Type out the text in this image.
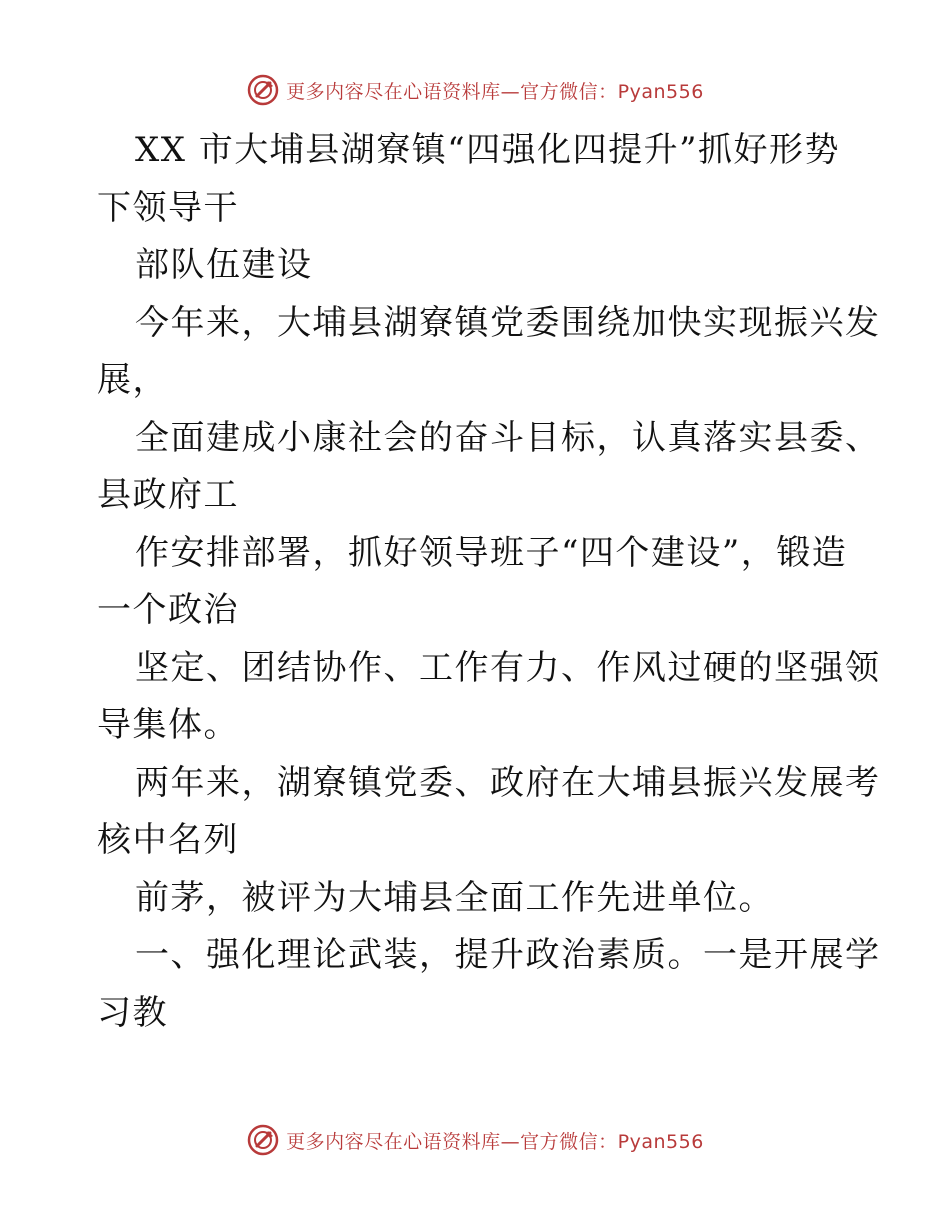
更多内容尽在心语资料库—官方微信：Pyan556
XX 市大埔县湖寮镇“四强化四提升”抓好形势
下领导干
部队伍建设
今年来，大埔县湖寮镇党委围绕加快实现振兴发
展，
全面建成小康社会的奋斗目标，认真落实县委、
县政府工
作安排部署，抓好领导班子“四个建设”，锻造
一个政治
坚定、团结协作、工作有力、作风过硬的坚强领
导集体。
两年来，湖寮镇党委、政府在大埔县振兴发展考
核中名列
前茅，被评为大埔县全面工作先进单位。
一、强化理论武装，提升政治素质。一是开展学
习教
更多内容尽在心语资料库—官方微信：Pyan556
